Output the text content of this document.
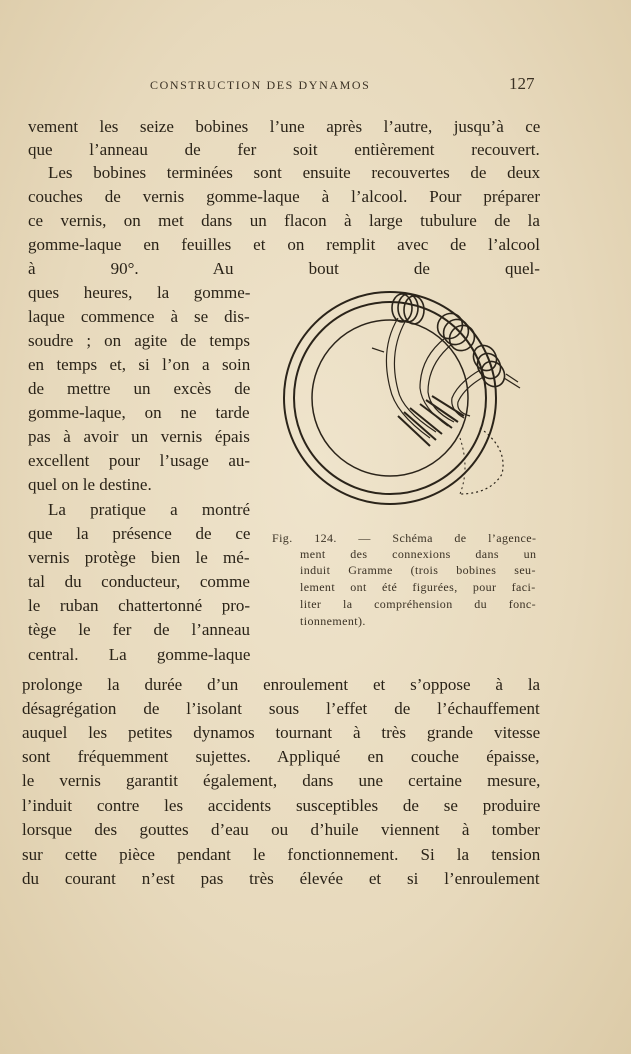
CONSTRUCTION DES DYNAMOS	127
vement les seize bobines l’une après l’autre, jusqu’à ce
que l’anneau de fer soit entièrement recouvert.
Les bobines terminées sont ensuite recouvertes de deux
couches de vernis gomme-laque à l’alcool. Pour préparer
ce vernis, on met dans un flacon à large tubulure de la
gomme-laque en feuilles et on remplit avec de l’alcool
à 90°. Au bout de quel-
ques heures, la gomme-
laque commence à se dis-
soudre ; on agite de temps
en temps et, si l’on a soin
de mettre un excès de
gomme-laque, on ne tarde
pas à avoir un vernis épais
excellent pour l’usage au-
quel on le destine.
La pratique a montré
que la présence de ce
vernis protège bien le mé-
tal du conducteur, comme
le ruban chattertonné pro-
tège le fer de l’anneau
central. La gomme-laque
Fig. 124. — Schéma de l’agence-
ment des connexions dans un
induit Gramme (trois bobines seu-
lement ont été figurées, pour faci-
liter la compréhension du fonc-
tionnement).
prolonge la durée d’un enroulement et s’oppose à la
désagrégation de l’isolant sous l’effet de l’échauffement
auquel les petites dynamos tournant à très grande vitesse
sont fréquemment sujettes. Appliqué en couche épaisse,
le vernis garantit également, dans une certaine mesure,
l’induit contre les accidents susceptibles de se produire
lorsque des gouttes d’eau ou d’huile viennent à tomber
sur cette pièce pendant le fonctionnement. Si la tension
du courant n’est pas très élevée et si l’enroulement
